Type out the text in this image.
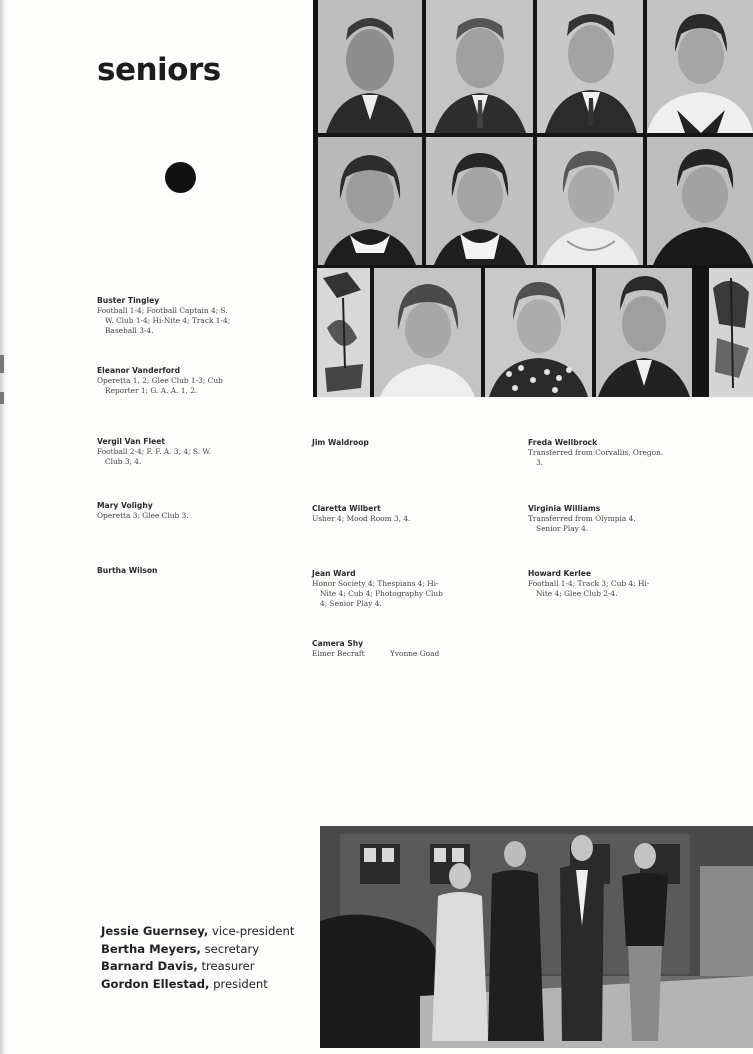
seniors
Buster Tingley
Football 1-4; Football Captain 4; S.
W. Club 1-4; Hi-Nite 4; Track 1-4;
Baseball 3-4.
Eleanor Vanderford
Operetta 1, 2; Glee Club 1-3; Cub
Reporter 1; G. A. A. 1, 2.
Vergil Van Fleet
Football 2-4; F. F. A. 3, 4; S. W.
Club 3, 4.
Mary Volighy
Operetta 3; Glee Club 3.
Burtha Wilson
Jim Waldroop
Claretta Wilbert
Usher 4; Mood Room 3, 4.
Jean Ward
Honor Society 4; Thespians 4; Hi-
Nite 4; Cub 4; Photography Club
4; Senior Play 4.
Camera Shy
Elmer Becraft	Yvonne Goad
Freda Wellbrock
Transferred from Corvallis, Oregon.
3.
Virginia Williams
Transferred from Olympia 4.
Senior Play 4.
Howard Kerlee
Football 1-4; Track 3; Cub 4; Hi-
Nite 4; Glee Club 2-4.
Jessie Guernsey, vice-president
Bertha Meyers, secretary
Barnard Davis, treasurer
Gordon Ellestad, president
